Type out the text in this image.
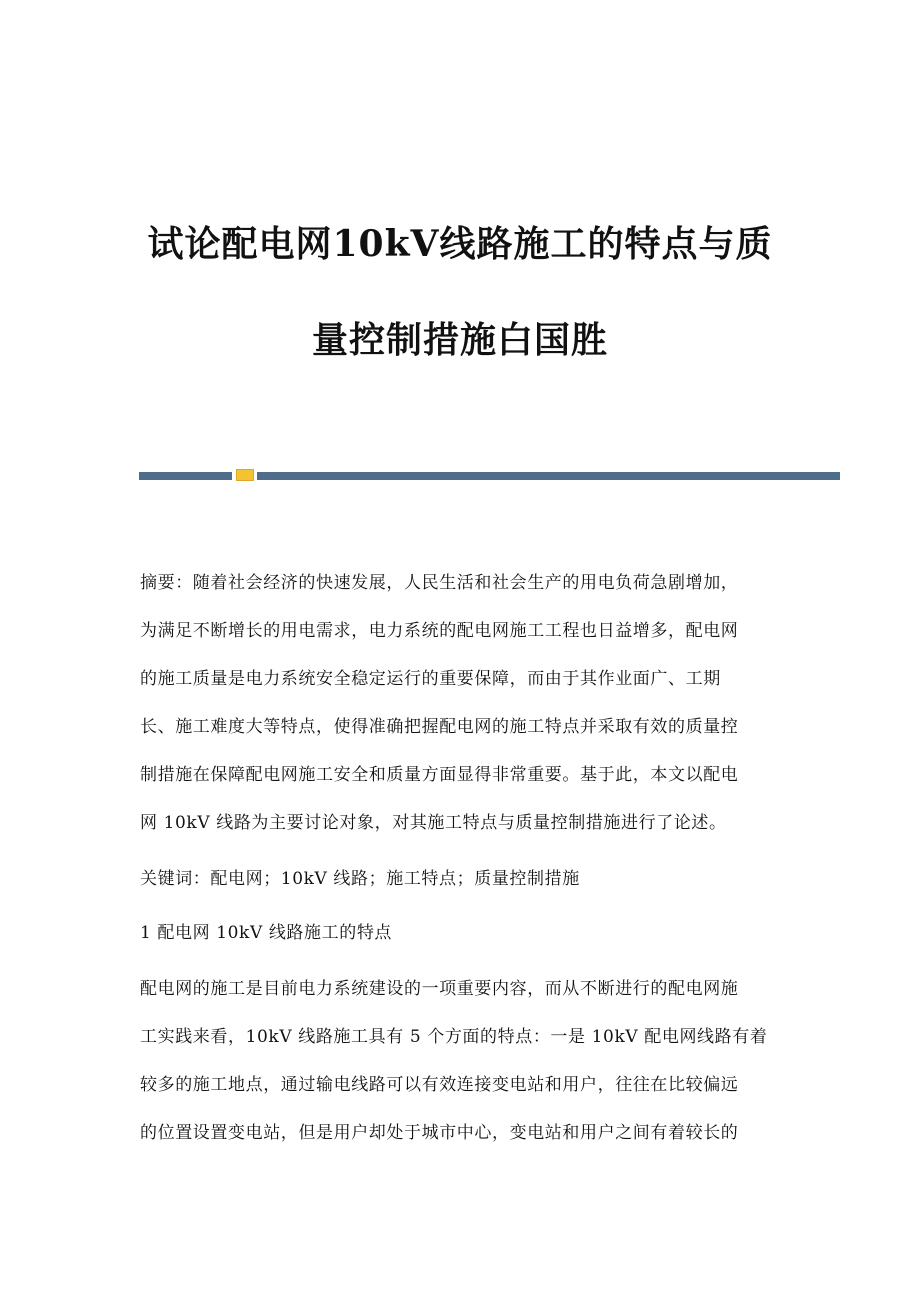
试论配电网10kV线路施工的特点与质
量控制措施白国胜
摘要：随着社会经济的快速发展，人民生活和社会生产的用电负荷急剧增加，
为满足不断增长的用电需求，电力系统的配电网施工工程也日益增多，配电网
的施工质量是电力系统安全稳定运行的重要保障，而由于其作业面广、工期
长、施工难度大等特点，使得准确把握配电网的施工特点并采取有效的质量控
制措施在保障配电网施工安全和质量方面显得非常重要。基于此，本文以配电
网 10kV 线路为主要讨论对象，对其施工特点与质量控制措施进行了论述。
关键词：配电网；10kV 线路；施工特点；质量控制措施
1 配电网 10kV 线路施工的特点
配电网的施工是目前电力系统建设的一项重要内容，而从不断进行的配电网施
工实践来看，10kV 线路施工具有 5 个方面的特点：一是 10kV 配电网线路有着
较多的施工地点，通过输电线路可以有效连接变电站和用户，往往在比较偏远
的位置设置变电站，但是用户却处于城市中心，变电站和用户之间有着较长的
